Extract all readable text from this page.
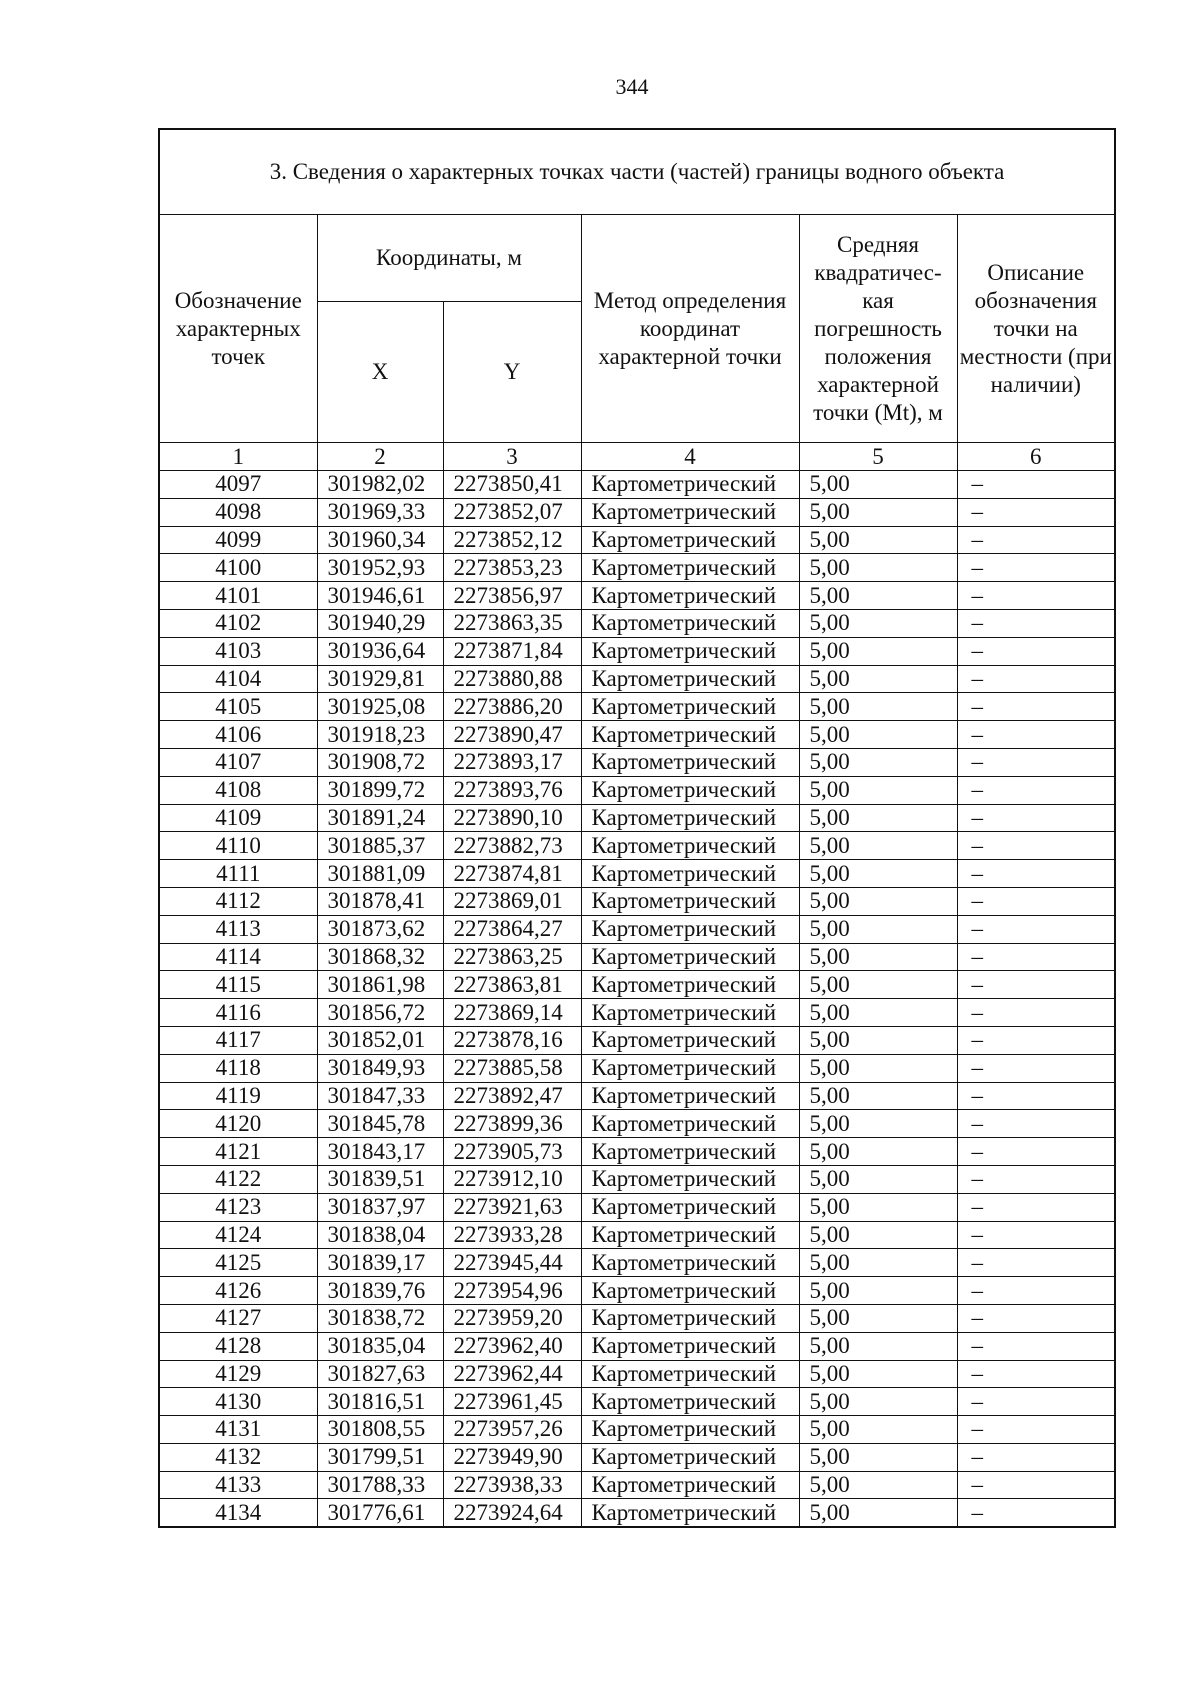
344
3. Сведения о характерных точках части (частей) границы водного объекта					
Обозначение характерных точек	Координаты, м		Метод определения координат характерной точки	Средняя квадратичес-кая погрешность положения характерной точки (Mt), м	Описание обозначения точки на местности (при наличии)
	X	Y			
1	2	3	4	5	6
4097	301982,02	2273850,41	Картометрический	5,00	–
4098	301969,33	2273852,07	Картометрический	5,00	–
4099	301960,34	2273852,12	Картометрический	5,00	–
4100	301952,93	2273853,23	Картометрический	5,00	–
4101	301946,61	2273856,97	Картометрический	5,00	–
4102	301940,29	2273863,35	Картометрический	5,00	–
4103	301936,64	2273871,84	Картометрический	5,00	–
4104	301929,81	2273880,88	Картометрический	5,00	–
4105	301925,08	2273886,20	Картометрический	5,00	–
4106	301918,23	2273890,47	Картометрический	5,00	–
4107	301908,72	2273893,17	Картометрический	5,00	–
4108	301899,72	2273893,76	Картометрический	5,00	–
4109	301891,24	2273890,10	Картометрический	5,00	–
4110	301885,37	2273882,73	Картометрический	5,00	–
4111	301881,09	2273874,81	Картометрический	5,00	–
4112	301878,41	2273869,01	Картометрический	5,00	–
4113	301873,62	2273864,27	Картометрический	5,00	–
4114	301868,32	2273863,25	Картометрический	5,00	–
4115	301861,98	2273863,81	Картометрический	5,00	–
4116	301856,72	2273869,14	Картометрический	5,00	–
4117	301852,01	2273878,16	Картометрический	5,00	–
4118	301849,93	2273885,58	Картометрический	5,00	–
4119	301847,33	2273892,47	Картометрический	5,00	–
4120	301845,78	2273899,36	Картометрический	5,00	–
4121	301843,17	2273905,73	Картометрический	5,00	–
4122	301839,51	2273912,10	Картометрический	5,00	–
4123	301837,97	2273921,63	Картометрический	5,00	–
4124	301838,04	2273933,28	Картометрический	5,00	–
4125	301839,17	2273945,44	Картометрический	5,00	–
4126	301839,76	2273954,96	Картометрический	5,00	–
4127	301838,72	2273959,20	Картометрический	5,00	–
4128	301835,04	2273962,40	Картометрический	5,00	–
4129	301827,63	2273962,44	Картометрический	5,00	–
4130	301816,51	2273961,45	Картометрический	5,00	–
4131	301808,55	2273957,26	Картометрический	5,00	–
4132	301799,51	2273949,90	Картометрический	5,00	–
4133	301788,33	2273938,33	Картометрический	5,00	–
4134	301776,61	2273924,64	Картометрический	5,00	–
